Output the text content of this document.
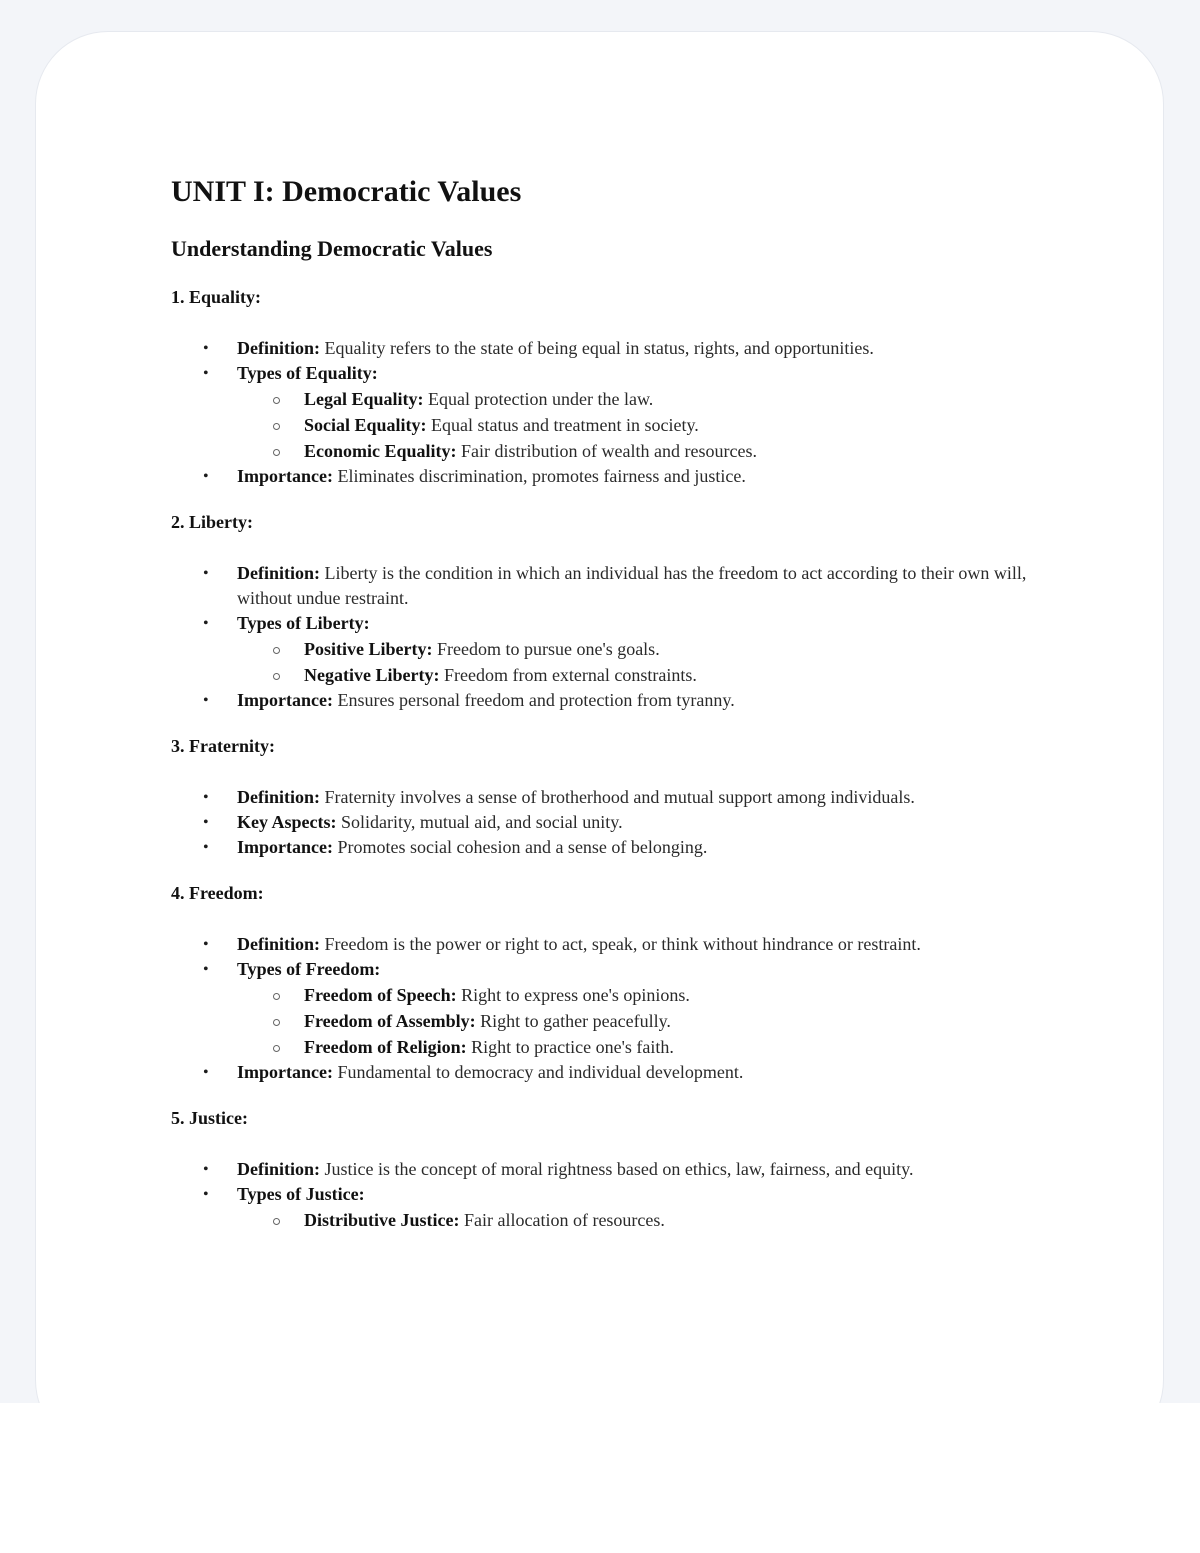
UNIT I: Democratic Values
Understanding Democratic Values
1. Equality:
• Definition: Equality refers to the state of being equal in status, rights, and opportunities.
• Types of Equality:
Legal Equality: Equal protection under the law.
Social Equality: Equal status and treatment in society.
Economic Equality: Fair distribution of wealth and resources.
• Importance: Eliminates discrimination, promotes fairness and justice.
2. Liberty:
• Definition: Liberty is the condition in which an individual has the freedom to act according to their own will, without undue restraint.
• Types of Liberty:
Positive Liberty: Freedom to pursue one's goals.
Negative Liberty: Freedom from external constraints.
• Importance: Ensures personal freedom and protection from tyranny.
3. Fraternity:
• Definition: Fraternity involves a sense of brotherhood and mutual support among individuals.
• Key Aspects: Solidarity, mutual aid, and social unity.
• Importance: Promotes social cohesion and a sense of belonging.
4. Freedom:
• Definition: Freedom is the power or right to act, speak, or think without hindrance or restraint.
• Types of Freedom:
Freedom of Speech: Right to express one's opinions.
Freedom of Assembly: Right to gather peacefully.
Freedom of Religion: Right to practice one's faith.
• Importance: Fundamental to democracy and individual development.
5. Justice:
• Definition: Justice is the concept of moral rightness based on ethics, law, fairness, and equity.
• Types of Justice:
Distributive Justice: Fair allocation of resources.
